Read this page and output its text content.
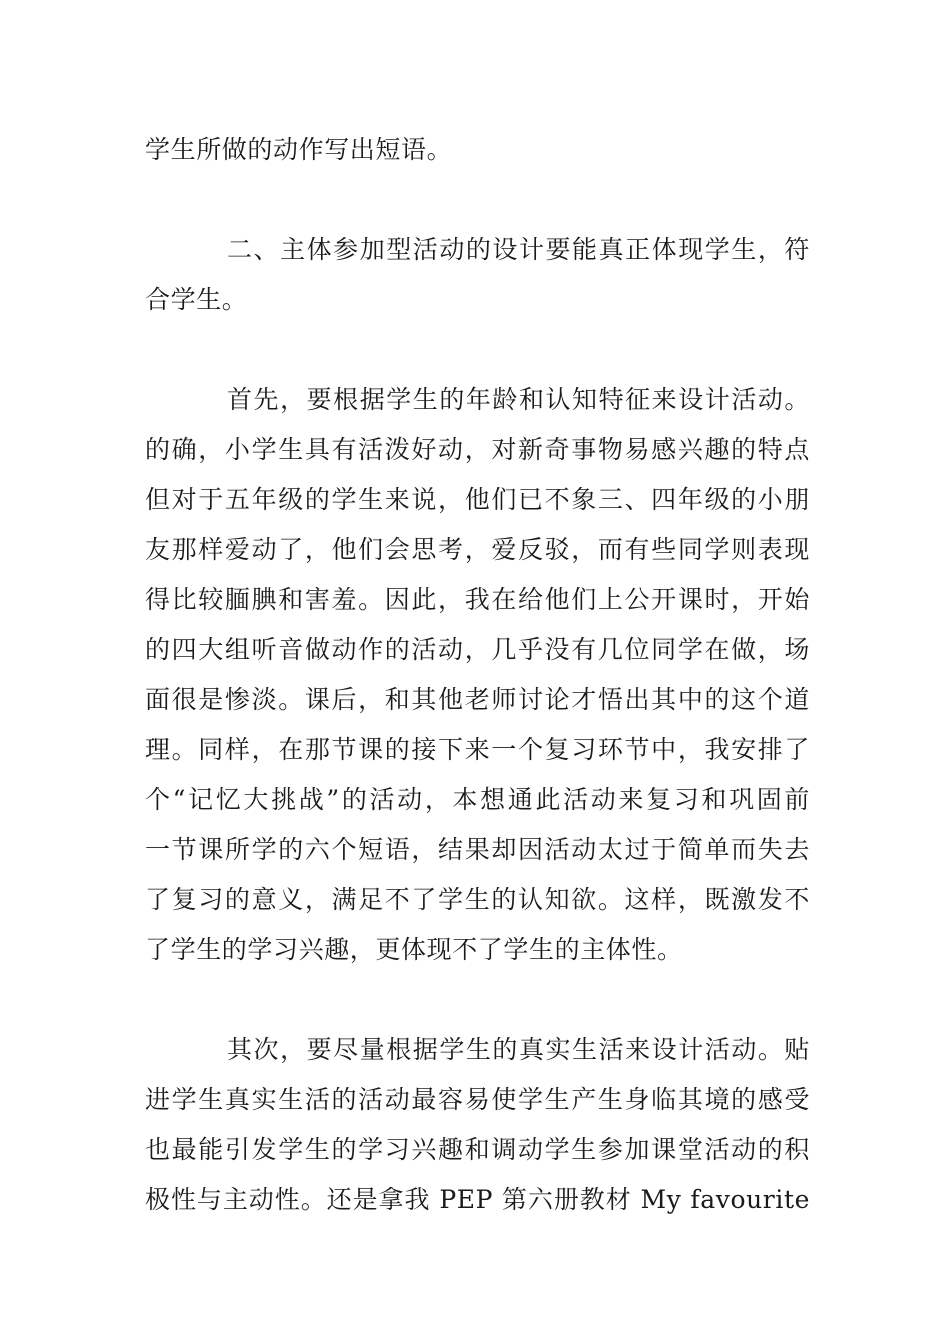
学生所做的动作写出短语。
二、主体参加型活动的设计要能真正体现学生，符
合学生。
首先，要根据学生的年龄和认知特征来设计活动。
的确，小学生具有活泼好动，对新奇事物易感兴趣的特点
但对于五年级的学生来说，他们已不象三、四年级的小朋
友那样爱动了，他们会思考，爱反驳，而有些同学则表现
得比较腼腆和害羞。因此，我在给他们上公开课时，开始
的四大组听音做动作的活动，几乎没有几位同学在做，场
面很是惨淡。课后，和其他老师讨论才悟出其中的这个道
理。同样，在那节课的接下来一个复习环节中，我安排了
个“记忆大挑战”的活动，本想通此活动来复习和巩固前
一节课所学的六个短语，结果却因活动太过于简单而失去
了复习的意义，满足不了学生的认知欲。这样，既激发不
了学生的学习兴趣，更体现不了学生的主体性。
其次，要尽量根据学生的真实生活来设计活动。贴
进学生真实生活的活动最容易使学生产生身临其境的感受
也最能引发学生的学习兴趣和调动学生参加课堂活动的积
极性与主动性。还是拿我 PEP 第六册教材 My favourite
